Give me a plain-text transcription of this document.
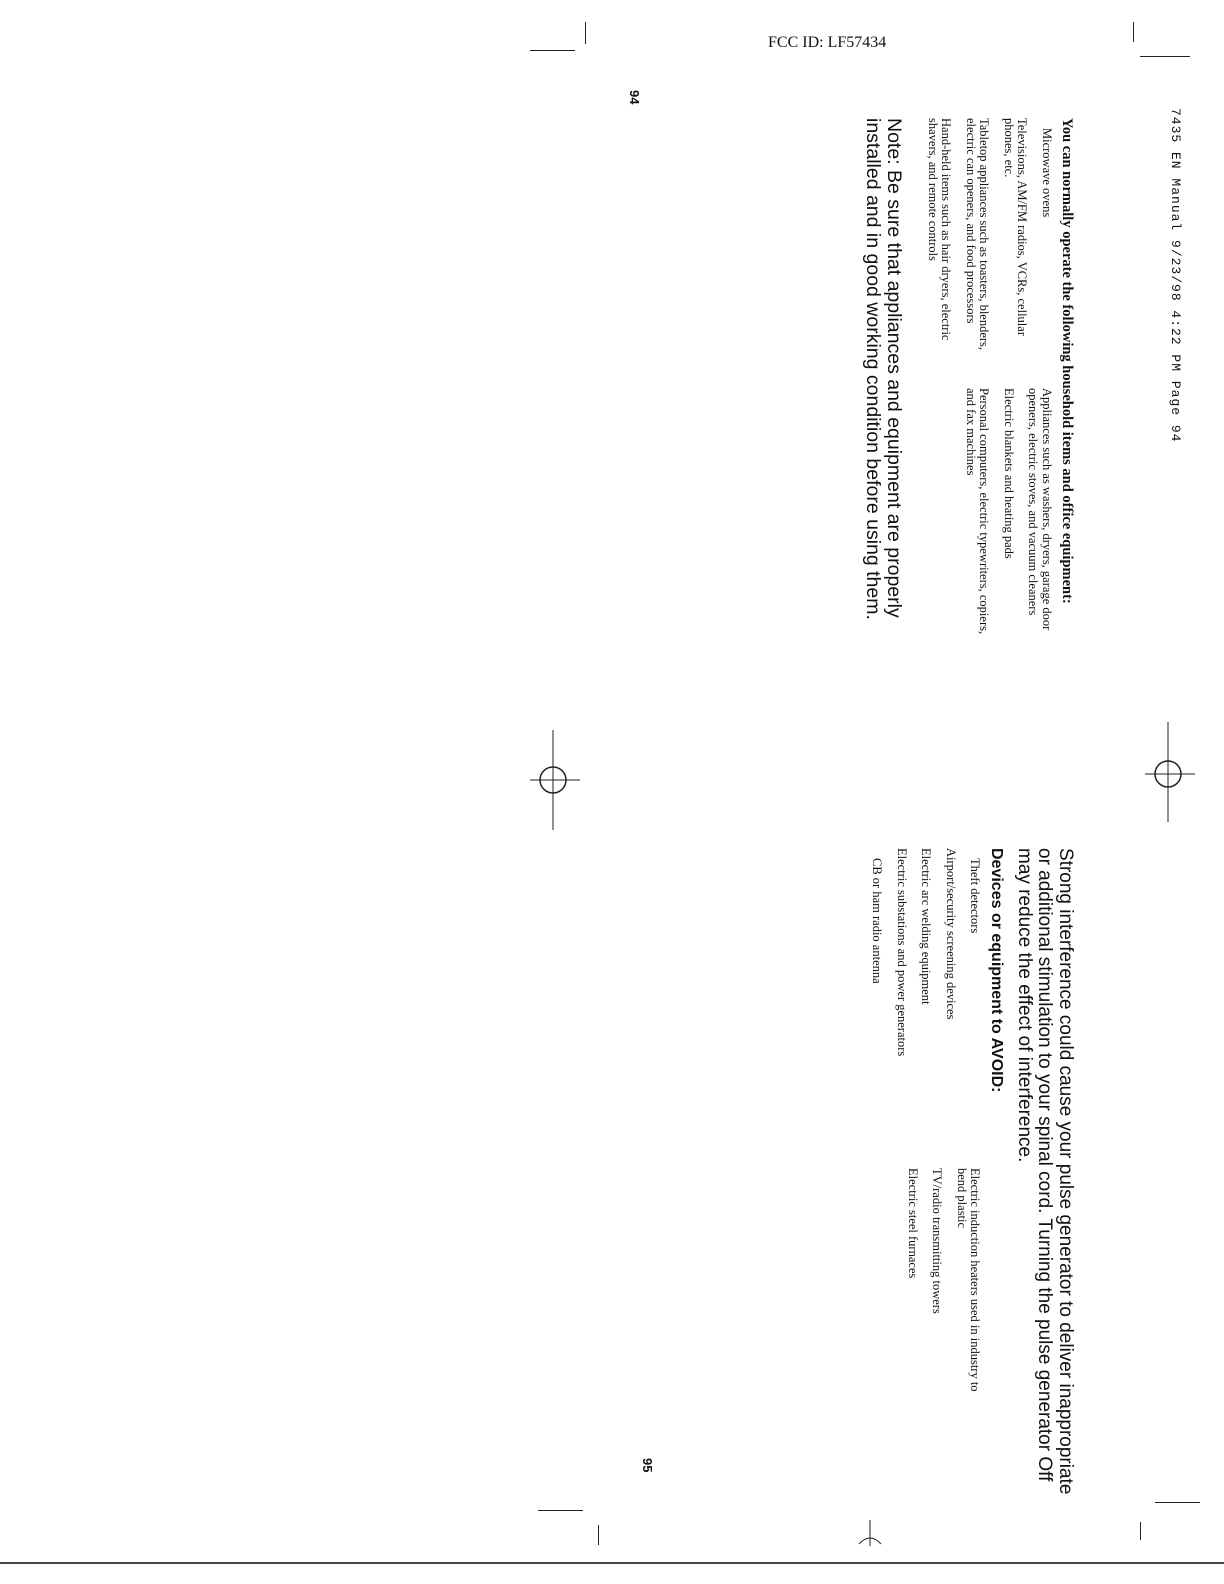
7435 EN Manual 9/23/98 4:22 PM Page 94
FCC ID: LF57434
94
95

You can normally operate the following household items and office equipment:

Microwave ovens

Televisions, AM/FM radios, VCRs, cellular phones, etc.

Tabletop appliances such as toasters, blenders, electric can openers, and food processors

Hand-held items such as hair dryers, electric shavers, and remote controls

Appliances such as washers, dryers, garage door openers, electric stoves, and vacuum cleaners

Electric blankets and heating pads

Personal computers, electric typewriters, copiers, and fax machines

Note: Be sure that appliances and equipment are properly installed and in good working condition before using them.

Strong interference could cause your pulse generator to deliver inappropriate or additional stimulation to your spinal cord. Turning the pulse generator Off may reduce the effect of interference.

Devices or equipment to AVOID:

Theft detectors

Airport/security screening devices

Electric arc welding equipment

Electric substations and power generators

CB or ham radio antenna

Electric induction heaters used in industry to bend plastic

TV/radio transmitting towers

Electric steel furnaces
